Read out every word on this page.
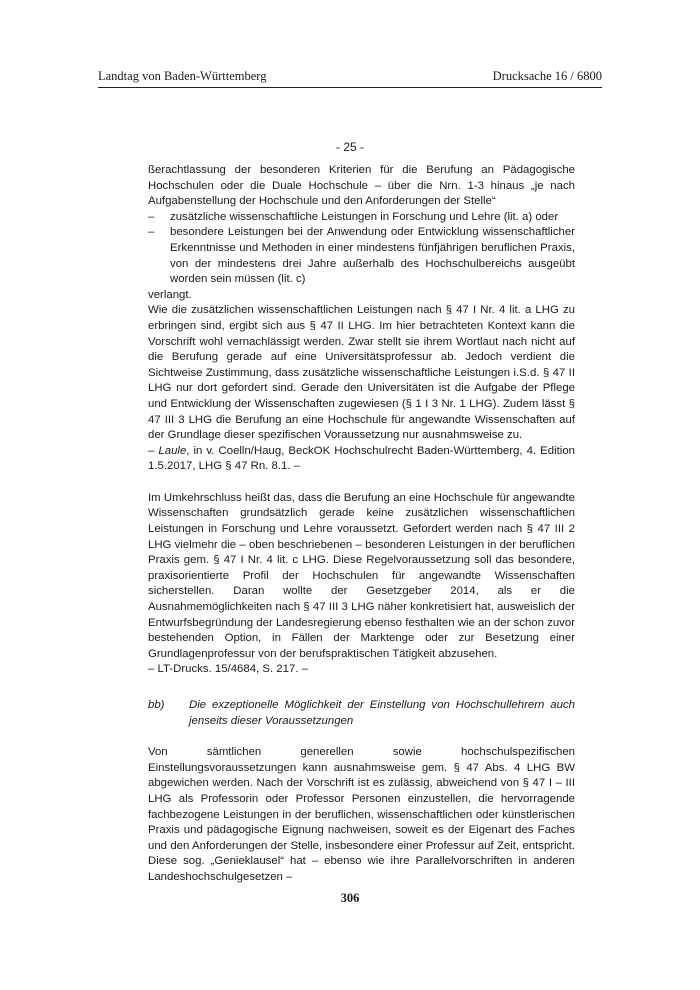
Landtag von Baden-Württemberg	Drucksache 16 / 6800
- 25 -

ßerachtlassung der besonderen Kriterien für die Berufung an Pädagogische Hochschulen oder die Duale Hochschule – über die Nrn. 1-3 hinaus „je nach Aufgabenstellung der Hochschule und den Anforderungen der Stelle“

– zusätzliche wissenschaftliche Leistungen in Forschung und Lehre (lit. a) oder
– besondere Leistungen bei der Anwendung oder Entwicklung wissenschaftlicher Erkenntnisse und Methoden in einer mindestens fünfjährigen beruflichen Praxis, von der mindestens drei Jahre außerhalb des Hochschulbereichs ausgeübt worden sein müssen (lit. c)

verlangt.

Wie die zusätzlichen wissenschaftlichen Leistungen nach § 47 I Nr. 4 lit. a LHG zu erbringen sind, ergibt sich aus § 47 II LHG. Im hier betrachteten Kontext kann die Vorschrift wohl vernachlässigt werden. Zwar stellt sie ihrem Wortlaut nach nicht auf die Berufung gerade auf eine Universitätsprofessur ab. Jedoch verdient die Sichtweise Zustimmung, dass zusätzliche wissenschaftliche Leistungen i.S.d. § 47 II LHG nur dort gefordert sind. Gerade den Universitäten ist die Aufgabe der Pflege und Entwicklung der Wissenschaften zugewiesen (§ 1 I 3 Nr. 1 LHG). Zudem lässt § 47 III 3 LHG die Berufung an eine Hochschule für angewandte Wissenschaften auf der Grundlage dieser spezifischen Voraussetzung nur ausnahmsweise zu.

– Laule, in v. Coelln/Haug, BeckOK Hochschulrecht Baden-Württemberg, 4. Edition 1.5.2017, LHG § 47 Rn. 8.1. –

Im Umkehrschluss heißt das, dass die Berufung an eine Hochschule für angewandte Wissenschaften grundsätzlich gerade keine zusätzlichen wissenschaftlichen Leistungen in Forschung und Lehre voraussetzt. Gefordert werden nach § 47 III 2 LHG vielmehr die – oben beschriebenen – besonderen Leistungen in der beruflichen Praxis gem. § 47 I Nr. 4 lit. c LHG. Diese Regelvoraussetzung soll das besondere, praxisorientierte Profil der Hochschulen für angewandte Wissenschaften sicherstellen. Daran wollte der Gesetzgeber 2014, als er die Ausnahmemöglichkeiten nach § 47 III 3 LHG näher konkretisiert hat, ausweislich der Entwurfsbegründung der Landesregierung ebenso festhalten wie an der schon zuvor bestehenden Option, in Fällen der Marktenge oder zur Besetzung einer Grundlagenprofessur von der berufspraktischen Tätigkeit abzusehen.

– LT-Drucks. 15/4684, S. 217. –

bb) Die exzeptionelle Möglichkeit der Einstellung von Hochschullehrern auch jenseits dieser Voraussetzungen

Von sämtlichen generellen sowie hochschulspezifischen Einstellungsvoraussetzungen kann ausnahmsweise gem. § 47 Abs. 4 LHG BW abgewichen werden. Nach der Vorschrift ist es zulässig, abweichend von § 47 I – III LHG als Professorin oder Professor Personen einzustellen, die hervorragende fachbezogene Leistungen in der beruflichen, wissenschaftlichen oder künstlerischen Praxis und pädagogische Eignung nachweisen, soweit es der Eigenart des Faches und den Anforderungen der Stelle, insbesondere einer Professur auf Zeit, entspricht. Diese sog. „Genieklausel“ hat – ebenso wie ihre Parallelvorschriften in anderen Landeshochschulgesetzen –

306
